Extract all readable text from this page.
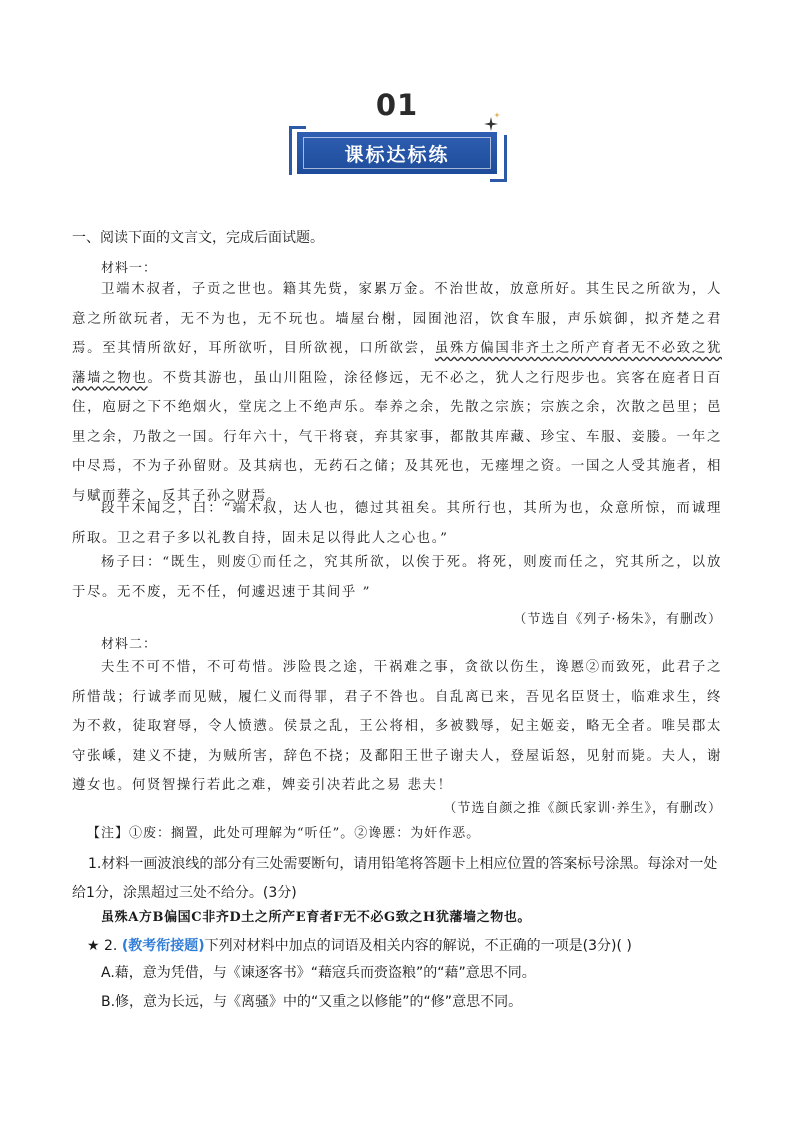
01
课标达标练
一、阅读下面的文言文，完成后面试题。
材料一：
卫端木叔者，子贡之世也。籍其先赀，家累万金。不治世故，放意所好。其生民之所欲为，人意之所欲玩者，无不为也，无不玩也。墙屋台榭，园囿池沼，饮食车服，声乐嫔御，拟齐楚之君焉。至其情所欲好，耳所欲听，目所欲视，口所欲尝，虽殊方偏国非齐土之所产育者无不必致之犹藩墙之物也。不赀其游也，虽山川阻险，涂径修远，无不必之，犹人之行咫步也。宾客在庭者日百住，庖厨之下不绝烟火，堂庑之上不绝声乐。奉养之余，先散之宗族；宗族之余，次散之邑里；邑里之余，乃散之一国。行年六十，气干将衰，弃其家事，都散其库藏、珍宝、车服、妾媵。一年之中尽焉，不为子孙留财。及其病也，无药石之储；及其死也，无瘗埋之资。一国之人受其施者，相与赋而葬之，反其子孙之财焉。
段干木闻之，曰：“端木叔，达人也，德过其祖矣。其所行也，其所为也，众意所惊，而诚理所取。卫之君子多以礼教自持，固未足以得此人之心也。”
杨子曰：“既生，则废①而任之，究其所欲，以俟于死。将死，则废而任之，究其所之，以放于尽。无不废，无不任，何遽迟速于其间乎 ”
（节选自《列子·杨朱》，有删改）
材料二：
夫生不可不惜，不可苟惜。涉险畏之途，干祸难之事，贪欲以伤生，谗慝②而致死，此君子之所惜哉；行诚孝而见贼，履仁义而得罪，君子不咎也。自乱离已来，吾见名臣贤士，临难求生，终为不救，徒取窘辱，令人愤懑。侯景之乱，王公将相，多被戮辱，妃主姬妾，略无全者。唯吴郡太守张嵊，建义不捷，为贼所害，辞色不挠；及鄱阳王世子谢夫人，登屋诟怒，见射而毙。夫人，谢遵女也。何贤智操行若此之难，婢妾引决若此之易 悲夫！
（节选自颜之推《颜氏家训·养生》，有删改）
【注】①废：搁置，此处可理解为“听任”。②谗慝：为奸作恶。
1.材料一画波浪线的部分有三处需要断句，请用铅笔将答题卡上相应位置的答案标号涂黑。每涂对一处给1分，涂黑超过三处不给分。(3分)
虽殊A方B偏国C非齐D土之所产E育者F无不必G致之H犹藩墙之物也。
★ 2. (教考衔接题)下列对材料中加点的词语及相关内容的解说，不正确的一项是(3分)( )
A.藉，意为凭借，与《谏逐客书》“藉寇兵而赍盗粮”的“藉”意思不同。
B.修，意为长远，与《离骚》中的“又重之以修能”的“修”意思不同。
